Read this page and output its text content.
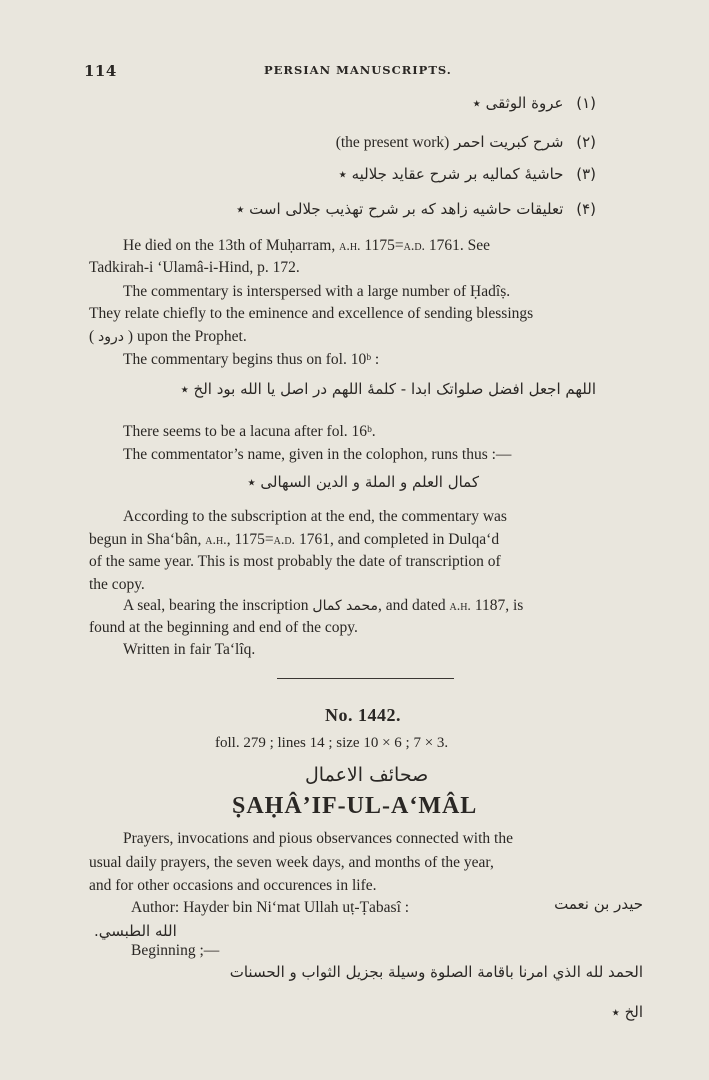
114	PERSIAN MANUSCRIPTS.
(۱) عروة الوثقى ٭
(۲) شرح کبریت احمر (the present work)
(۳) حاشیۀ کمالیه بر شرح عقاید جلالیه ٭
(۴) تعلیقات حاشیه زاهد که بر شرح تهذیب جلالی است ٭
He died on the 13th of Muḥarram, a.h. 1175=a.d. 1761. See
Tadkirah-i ‘Ulamâ-i-Hind, p. 172.
The commentary is interspersed with a large number of Ḥadîṣ.
They relate chiefly to the eminence and excellence of sending blessings
( درود ) upon the Prophet.
The commentary begins thus on fol. 10ᵇ :
اللهم اجعل افضل صلواتک ابدا - کلمۀ اللهم در اصل یا الله بود الخ ٭
There seems to be a lacuna after fol. 16ᵇ.
The commentator’s name, given in the colophon, runs thus :—
کمال العلم و الملة و الدین السهالی ٭
According to the subscription at the end, the commentary was
begun in Sha‘bân, a.h., 1175=a.d. 1761, and completed in Dulqa‘d
of the same year. This is most probably the date of transcription of
the copy.
A seal, bearing the inscription محمد کمال, and dated a.h. 1187, is
found at the beginning and end of the copy.
Written in fair Ta‘lîq.
No. 1442.
foll. 279 ; lines 14 ; size 10 × 6 ; 7 × 3.
صحائف الاعمال
ṢAḤÂ’IF-UL-A‘MÂL
Prayers, invocations and pious observances connected with the
usual daily prayers, the seven week days, and months of the year,
and for other occasions and occurences in life.
Author: Hayder bin Ni‘mat Ullah uṭ-Ṭabasî :	حیدر بن نعمت
الله الطبسي.
Beginning ;—
الحمد لله الذي امرنا باقامة الصلوة وسيلة بجزيل الثواب و الحسنات
الخ ٭
